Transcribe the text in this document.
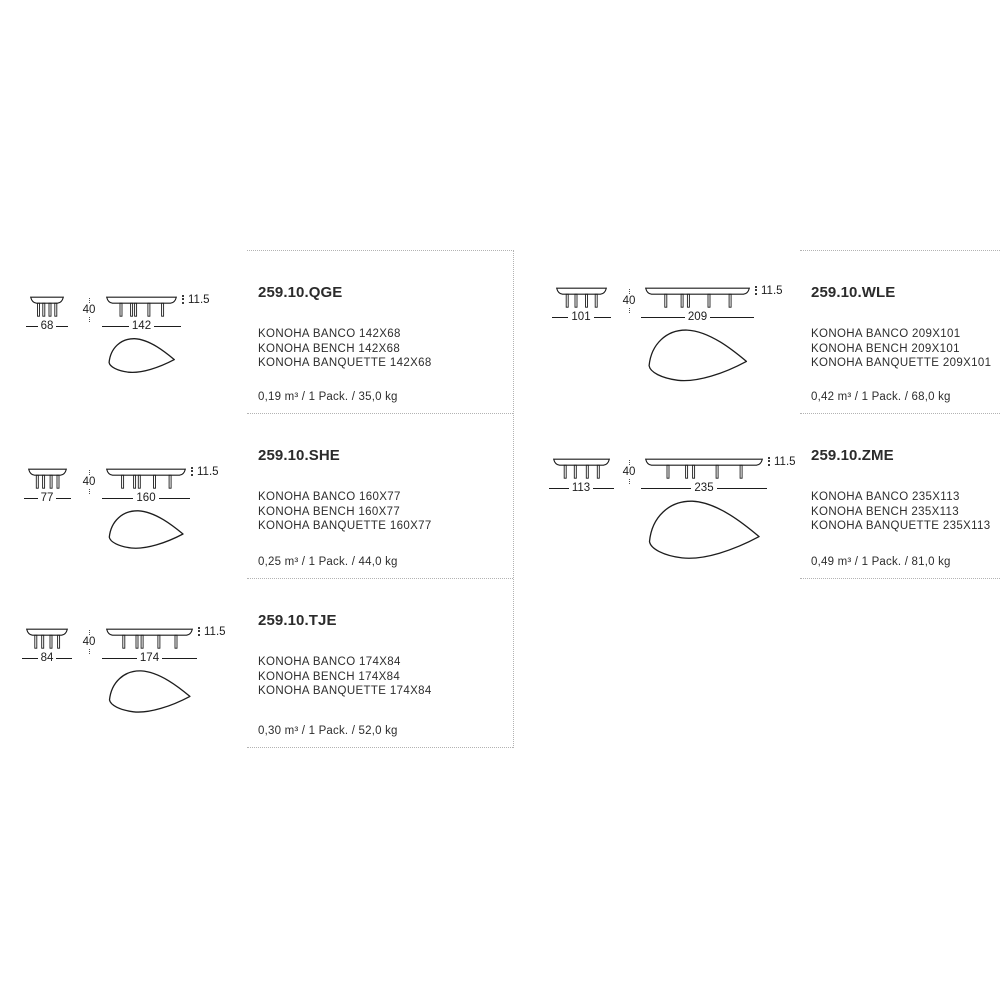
68
40
11.5
142
77
40
11.5
160
84
40
11.5
174
101
40
11.5
209
113
40
11.5
235
259.10.QGE
KONOHA BANCO 142X68
KONOHA BENCH 142X68
KONOHA BANQUETTE 142X68
0,19 m³ / 1 Pack. / 35,0 kg
259.10.SHE
KONOHA BANCO 160X77
KONOHA BENCH 160X77
KONOHA BANQUETTE 160X77
0,25 m³ / 1 Pack. / 44,0 kg
259.10.TJE
KONOHA BANCO 174X84
KONOHA BENCH 174X84
KONOHA BANQUETTE 174X84
0,30 m³ / 1 Pack. / 52,0 kg
259.10.WLE
KONOHA BANCO 209X101
KONOHA BENCH 209X101
KONOHA BANQUETTE 209X101
0,42 m³ / 1 Pack. / 68,0 kg
259.10.ZME
KONOHA BANCO 235X113
KONOHA BENCH 235X113
KONOHA BANQUETTE 235X113
0,49 m³ / 1 Pack. / 81,0 kg
